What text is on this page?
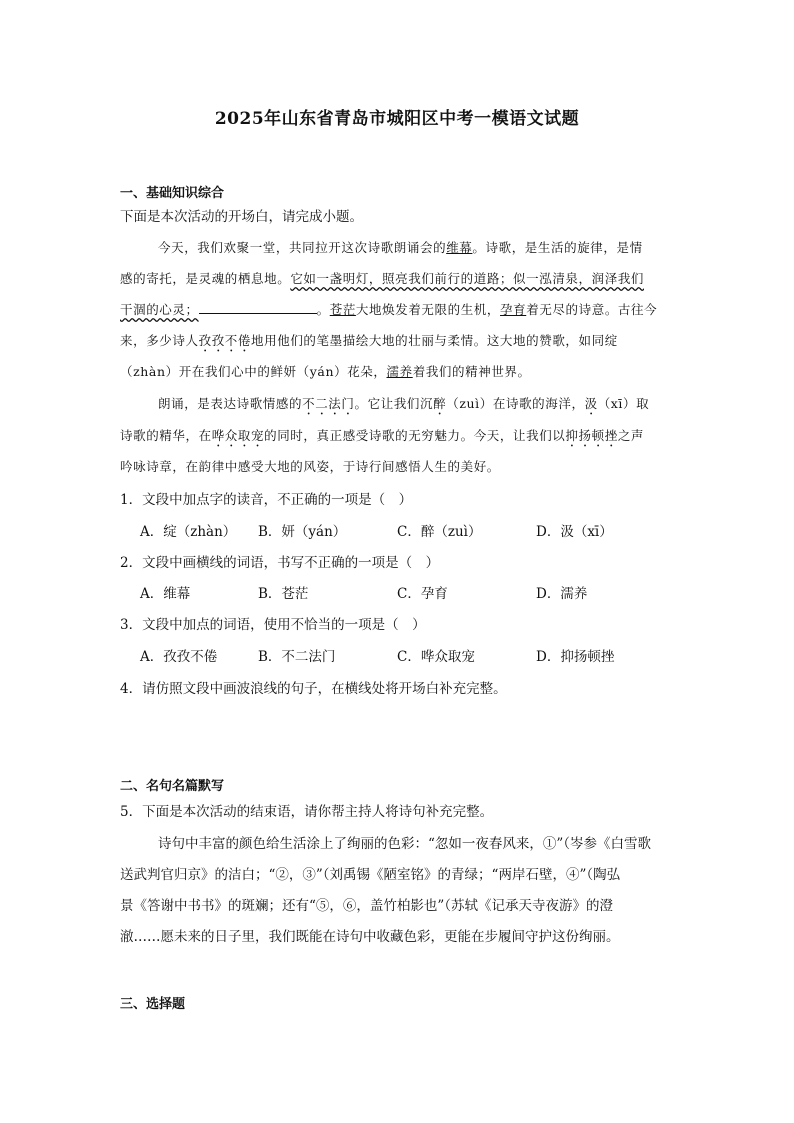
2025年山东省青岛市城阳区中考一模语文试题
一、基础知识综合
下面是本次活动的开场白，请完成小题。
今天，我们欢聚一堂，共同拉开这次诗歌朗诵会的维幕。诗歌，是生活的旋律，是情
感的寄托，是灵魂的栖息地。它如一盏明灯，照亮我们前行的道路；似一泓清泉，润泽我们
干涸的心灵；	。苍茫大地焕发着无限的生机，孕育着无尽的诗意。古往今
来，多少诗人孜孜不倦地用他们的笔墨描绘大地的壮丽与柔情。这大地的赞歌，如同绽
（zhàn）开在我们心中的鲜妍（yán）花朵，濡养着我们的精神世界。
朗诵，是表达诗歌情感的不二法门。它让我们沉醉（zuì）在诗歌的海洋，汲（xī）取
诗歌的精华，在哗众取宠的同时，真正感受诗歌的无穷魅力。今天，让我们以抑扬顿挫之声
吟咏诗章，在韵律中感受大地的风姿，于诗行间感悟人生的美好。
1．文段中加点字的读音，不正确的一项是（　）
A．绽（zhàn） B．妍（yán）	C．醉（zuì）	D．汲（xī）
2．文段中画横线的词语，书写不正确的一项是（　）
A．维幕	B．苍茫	C．孕育	D．濡养
3．文段中加点的词语，使用不恰当的一项是（　）
A．孜孜不倦	B．不二法门	C．哗众取宠	D．抑扬顿挫
4．请仿照文段中画波浪线的句子，在横线处将开场白补充完整。
二、名句名篇默写
5．下面是本次活动的结束语，请你帮主持人将诗句补充完整。
诗句中丰富的颜色给生活涂上了绚丽的色彩：“忽如一夜春风来，①”（岑参《白雪歌
送武判官归京》的洁白；“②，③”（刘禹锡《陋室铭》的青绿；“两岸石壁，④”（陶弘
景《答谢中书书》的斑斓；还有“⑤，⑥，盖竹柏影也”（苏轼《记承天寺夜游》的澄
澈……愿未来的日子里，我们既能在诗句中收藏色彩，更能在步履间守护这份绚丽。
三、选择题
